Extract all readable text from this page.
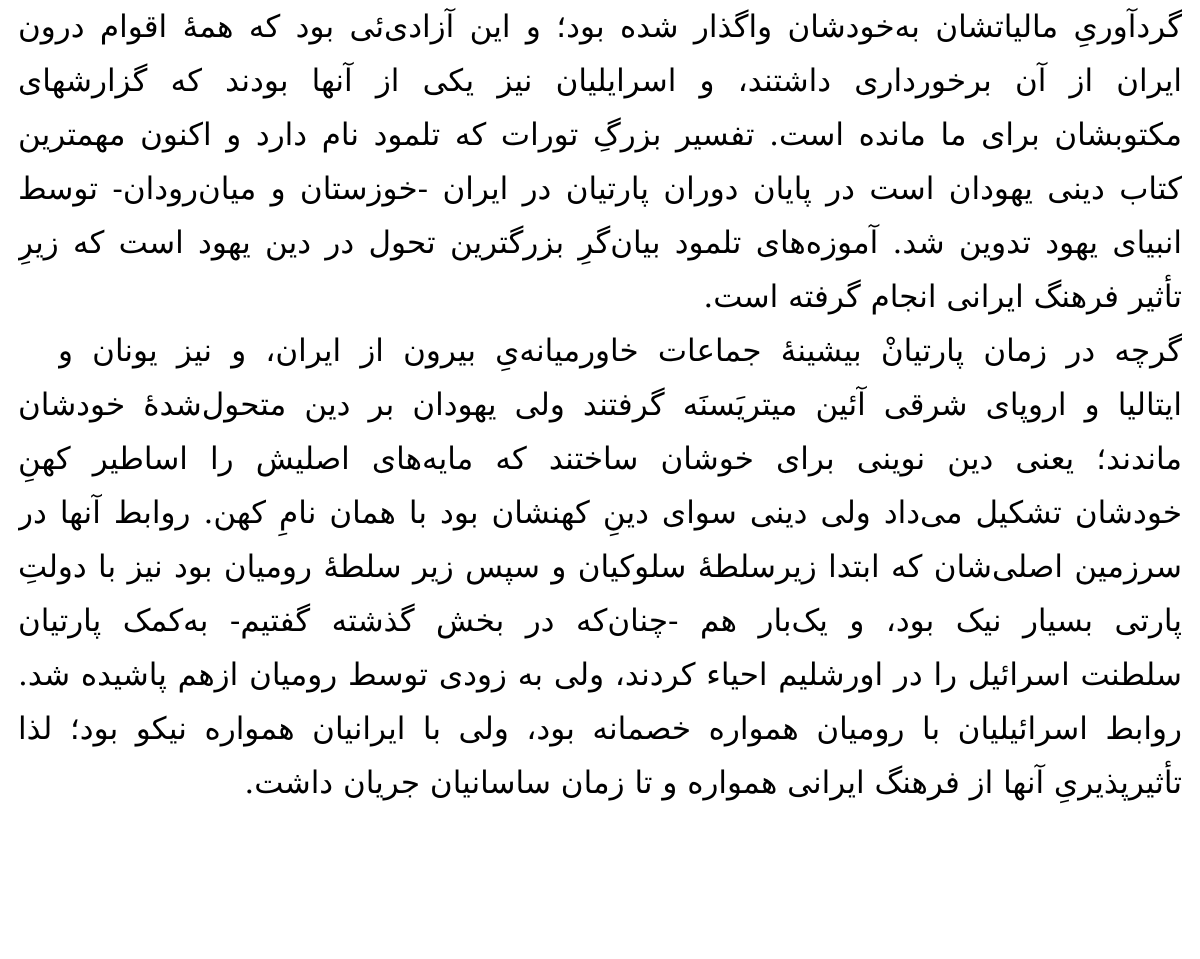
گردآوریِ مالیاتشان به‌خودشان واگذار شده بود؛ و این آزادی‌ئی بود که همهٔ اقوام درون
ایران از آن برخورداری داشتند، و اسرایلیان نیز یکی از آنها بودند که گزارشهای
مکتوبشان برای ما مانده است. تفسیر بزرگِ تورات که تلمود نام دارد و اکنون مهمترین
کتاب دینی یهودان است در پایان دوران پارتیان در ایران -خوزستان و میان‌رودان- توسط
انبیای یهود تدوین شد. آموزه‌های تلمود بیان‌گرِ بزرگترین تحول در دین یهود است که زیرِ
تأثیر فرهنگ ایرانی انجام گرفته است.
گرچه در زمان پارتیانْ بیشینهٔ جماعات خاورمیانه‌یِ بیرون از ایران، و نیز یونان و
ایتالیا و اروپای شرقی آئین میتریَسنَه گرفتند ولی یهودان بر دین متحول‌شدهٔ خودشان
ماندند؛ یعنی دین نوینی برای خوشان ساختند که مایه‌های اصلیش را اساطیر کهنِ
خودشان تشکیل می‌داد ولی دینی سوای دینِ کهنشان بود با همان نامِ کهن. روابط آنها در
سرزمین اصلی‌شان که ابتدا زیرسلطهٔ سلوکیان و سپس زیر سلطهٔ رومیان بود نیز با دولتِ
پارتی بسیار نیک بود، و یک‌بار هم -چنان‌که در بخش گذشته گفتیم- به‌کمک پارتیان
سلطنت اسرائیل را در اورشلیم احیاء کردند، ولی به زودی توسط رومیان ازهم پاشیده شد.
روابط اسرائیلیان با رومیان همواره خصمانه بود، ولی با ایرانیان همواره نیکو بود؛ لذا
تأثیرپذیریِ آنها از فرهنگ ایرانی همواره و تا زمان ساسانیان جریان داشت.
